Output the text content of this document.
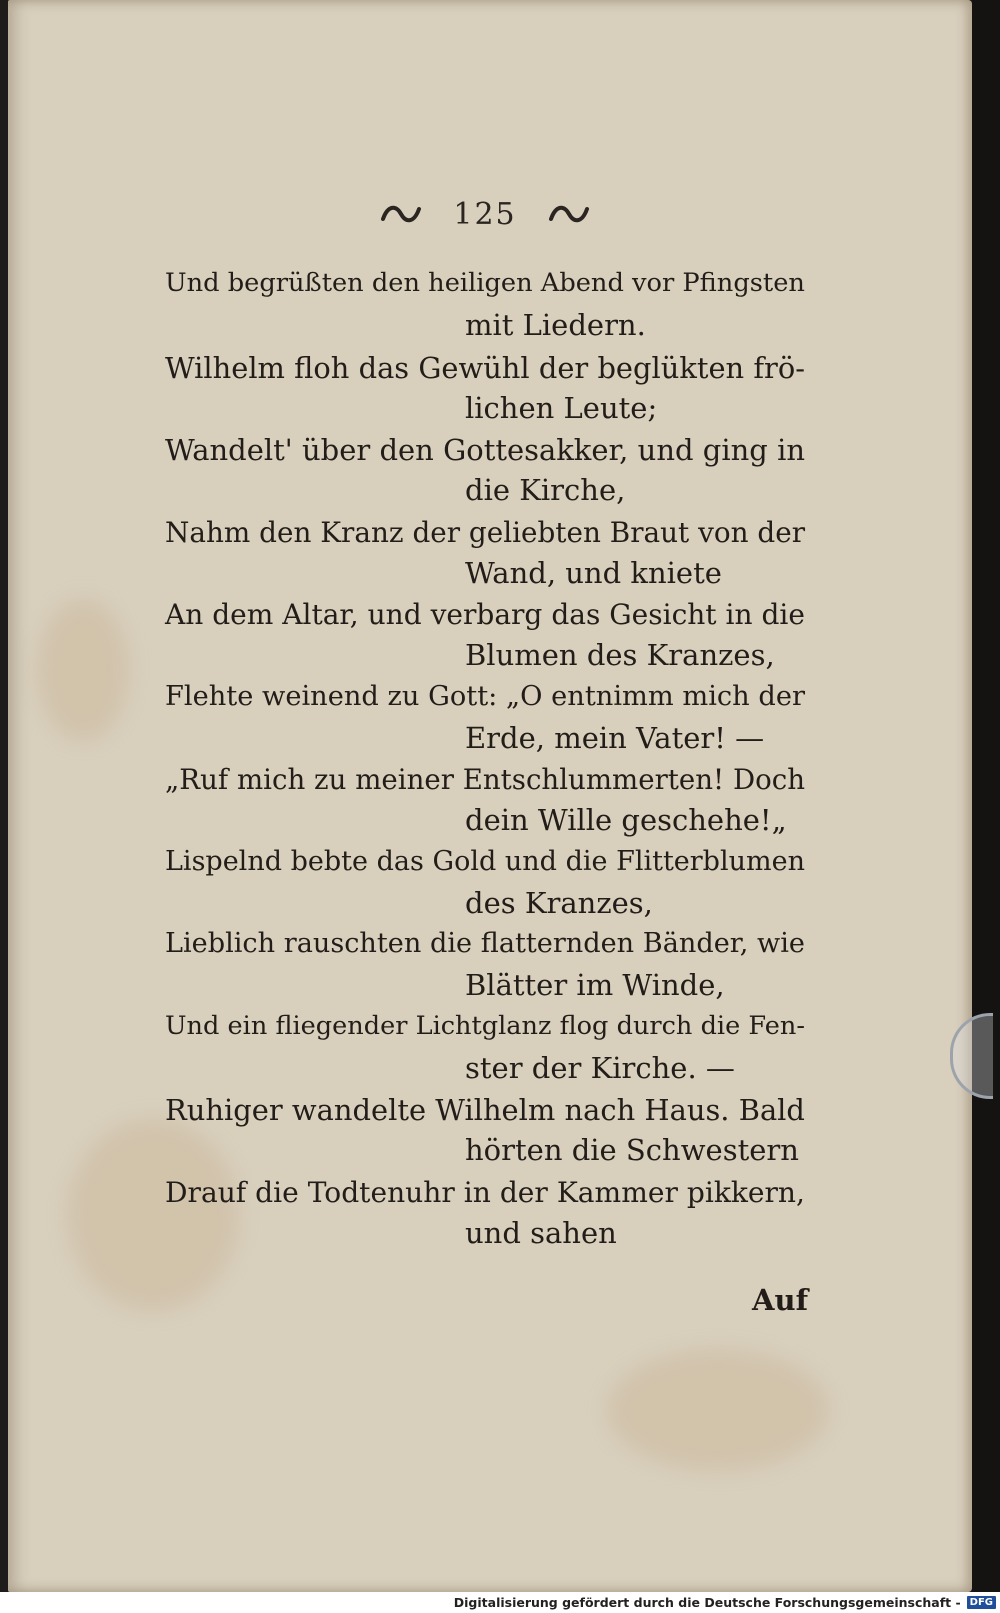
125
Und begrüßten den heiligen Abend vor Pfingsten
mit Liedern.
Wilhelm floh das Gewühl der beglükten frö-
lichen Leute;
Wandelt' über den Gottesakker, und ging in
die Kirche,
Nahm den Kranz der geliebten Braut von der
Wand, und kniete
An dem Altar, und verbarg das Gesicht in die
Blumen des Kranzes,
Flehte weinend zu Gott: „O entnimm mich der
Erde, mein Vater! —
„Ruf mich zu meiner Entschlummerten! Doch
dein Wille geschehe!„
Lispelnd bebte das Gold und die Flitterblumen
des Kranzes,
Lieblich rauschten die flatternden Bänder, wie
Blätter im Winde,
Und ein fliegender Lichtglanz flog durch die Fen-
ster der Kirche. —
Ruhiger wandelte Wilhelm nach Haus. Bald
hörten die Schwestern
Drauf die Todtenuhr in der Kammer pikkern,
und sahen
Auf
Digitalisierung gefördert durch die Deutsche Forschungsgemeinschaft - DFG
